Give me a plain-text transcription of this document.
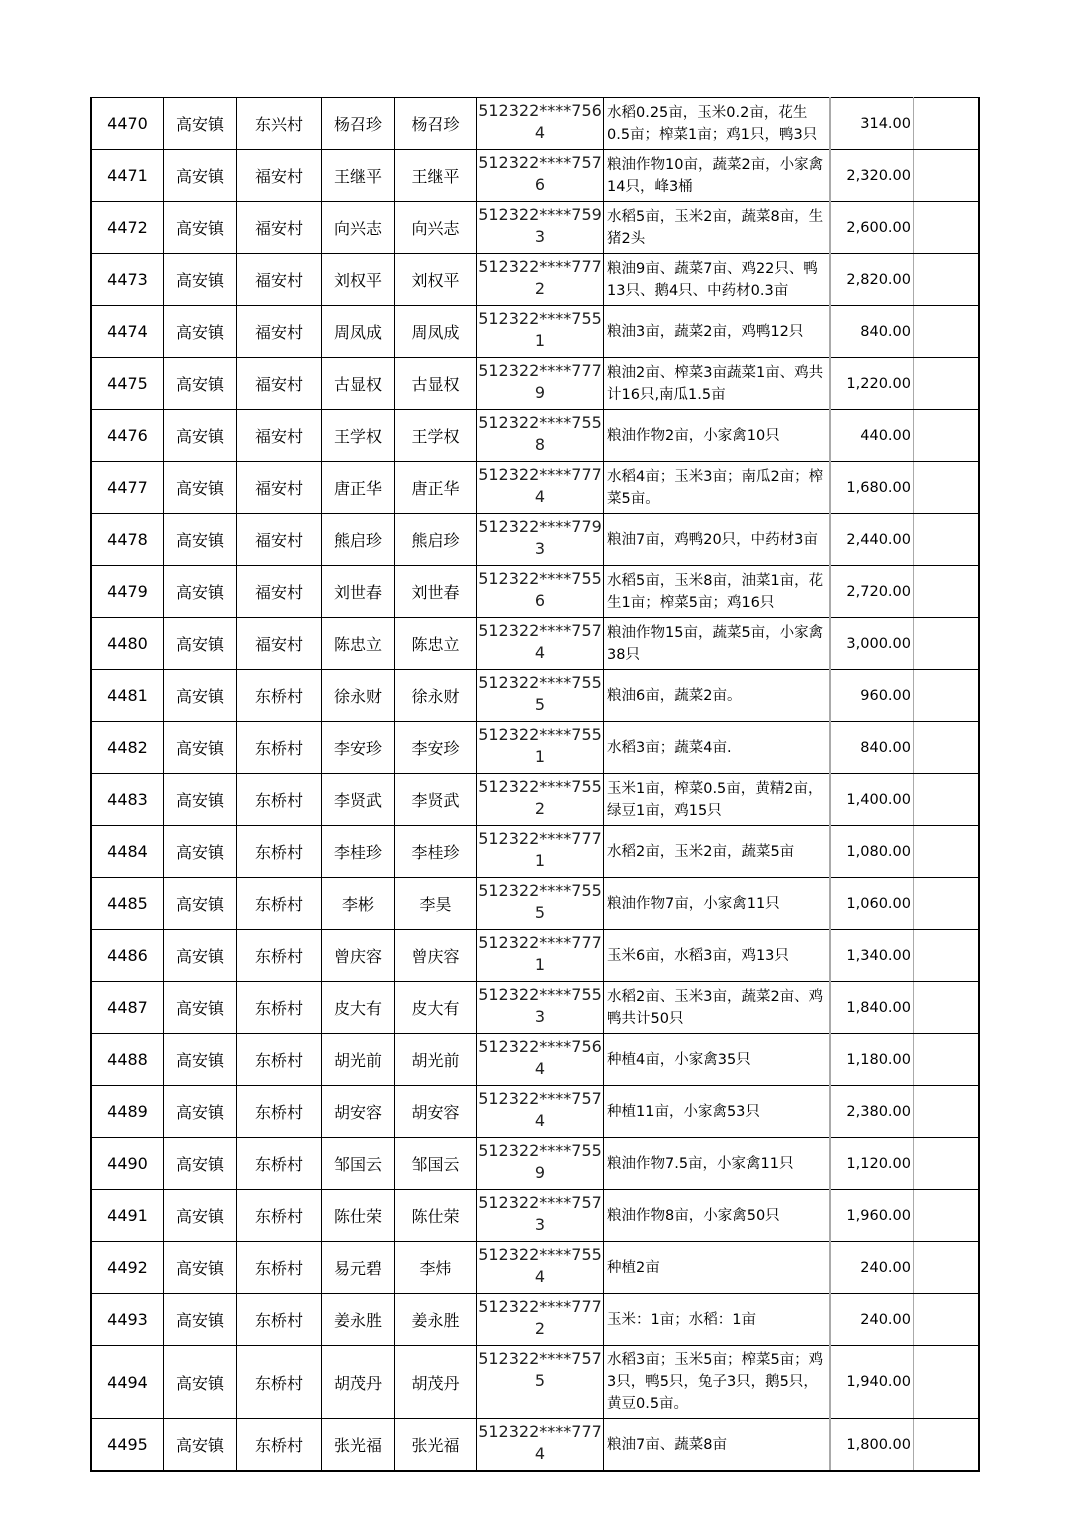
4470	高安镇	东兴村	杨召珍	杨召珍	512322****7564	水稻0.25亩，玉米0.2亩，花生0.5亩；榨菜1亩；鸡1只，鸭3只	314.00	
4471	高安镇	福安村	王继平	王继平	512322****7576	粮油作物10亩，蔬菜2亩，小家禽14只，峰3桶	2,320.00	
4472	高安镇	福安村	向兴志	向兴志	512322****7593	水稻5亩，玉米2亩，蔬菜8亩，生猪2头	2,600.00	
4473	高安镇	福安村	刘权平	刘权平	512322****7772	粮油9亩、蔬菜7亩、鸡22只、鸭13只、鹅4只、中药材0.3亩	2,820.00	
4474	高安镇	福安村	周凤成	周凤成	512322****7551	粮油3亩，蔬菜2亩，鸡鸭12只	840.00	
4475	高安镇	福安村	古显权	古显权	512322****7779	粮油2亩、榨菜3亩蔬菜1亩、鸡共计16只,南瓜1.5亩	1,220.00	
4476	高安镇	福安村	王学权	王学权	512322****7558	粮油作物2亩，小家禽10只	440.00	
4477	高安镇	福安村	唐正华	唐正华	512322****7774	水稻4亩；玉米3亩；南瓜2亩；榨菜5亩。	1,680.00	
4478	高安镇	福安村	熊启珍	熊启珍	512322****7793	粮油7亩，鸡鸭20只，中药材3亩	2,440.00	
4479	高安镇	福安村	刘世春	刘世春	512322****7556	水稻5亩，玉米8亩，油菜1亩，花生1亩；榨菜5亩；鸡16只	2,720.00	
4480	高安镇	福安村	陈忠立	陈忠立	512322****7574	粮油作物15亩，蔬菜5亩，小家禽38只	3,000.00	
4481	高安镇	东桥村	徐永财	徐永财	512322****7555	粮油6亩，蔬菜2亩。	960.00	
4482	高安镇	东桥村	李安珍	李安珍	512322****7551	水稻3亩；蔬菜4亩.	840.00	
4483	高安镇	东桥村	李贤武	李贤武	512322****7552	玉米1亩，榨菜0.5亩，黄精2亩，绿豆1亩，鸡15只	1,400.00	
4484	高安镇	东桥村	李桂珍	李桂珍	512322****7771	水稻2亩，玉米2亩，蔬菜5亩	1,080.00	
4485	高安镇	东桥村	李彬	李昊	512322****7555	粮油作物7亩，小家禽11只	1,060.00	
4486	高安镇	东桥村	曾庆容	曾庆容	512322****7771	玉米6亩，水稻3亩，鸡13只	1,340.00	
4487	高安镇	东桥村	皮大有	皮大有	512322****7553	水稻2亩、玉米3亩，蔬菜2亩、鸡鸭共计50只	1,840.00	
4488	高安镇	东桥村	胡光前	胡光前	512322****7564	种植4亩，小家禽35只	1,180.00	
4489	高安镇	东桥村	胡安容	胡安容	512322****7574	种植11亩，小家禽53只	2,380.00	
4490	高安镇	东桥村	邹国云	邹国云	512322****7559	粮油作物7.5亩，小家禽11只	1,120.00	
4491	高安镇	东桥村	陈仕荣	陈仕荣	512322****7573	粮油作物8亩，小家禽50只	1,960.00	
4492	高安镇	东桥村	易元碧	李炜	512322****7554	种植2亩	240.00	
4493	高安镇	东桥村	姜永胜	姜永胜	512322****7772	玉米：1亩；水稻：1亩	240.00	
4494	高安镇	东桥村	胡茂丹	胡茂丹	512322****7575	水稻3亩；玉米5亩；榨菜5亩；鸡3只，鸭5只，兔子3只，鹅5只，黄豆0.5亩。	1,940.00	
4495	高安镇	东桥村	张光福	张光福	512322****7774	粮油7亩、蔬菜8亩	1,800.00	
